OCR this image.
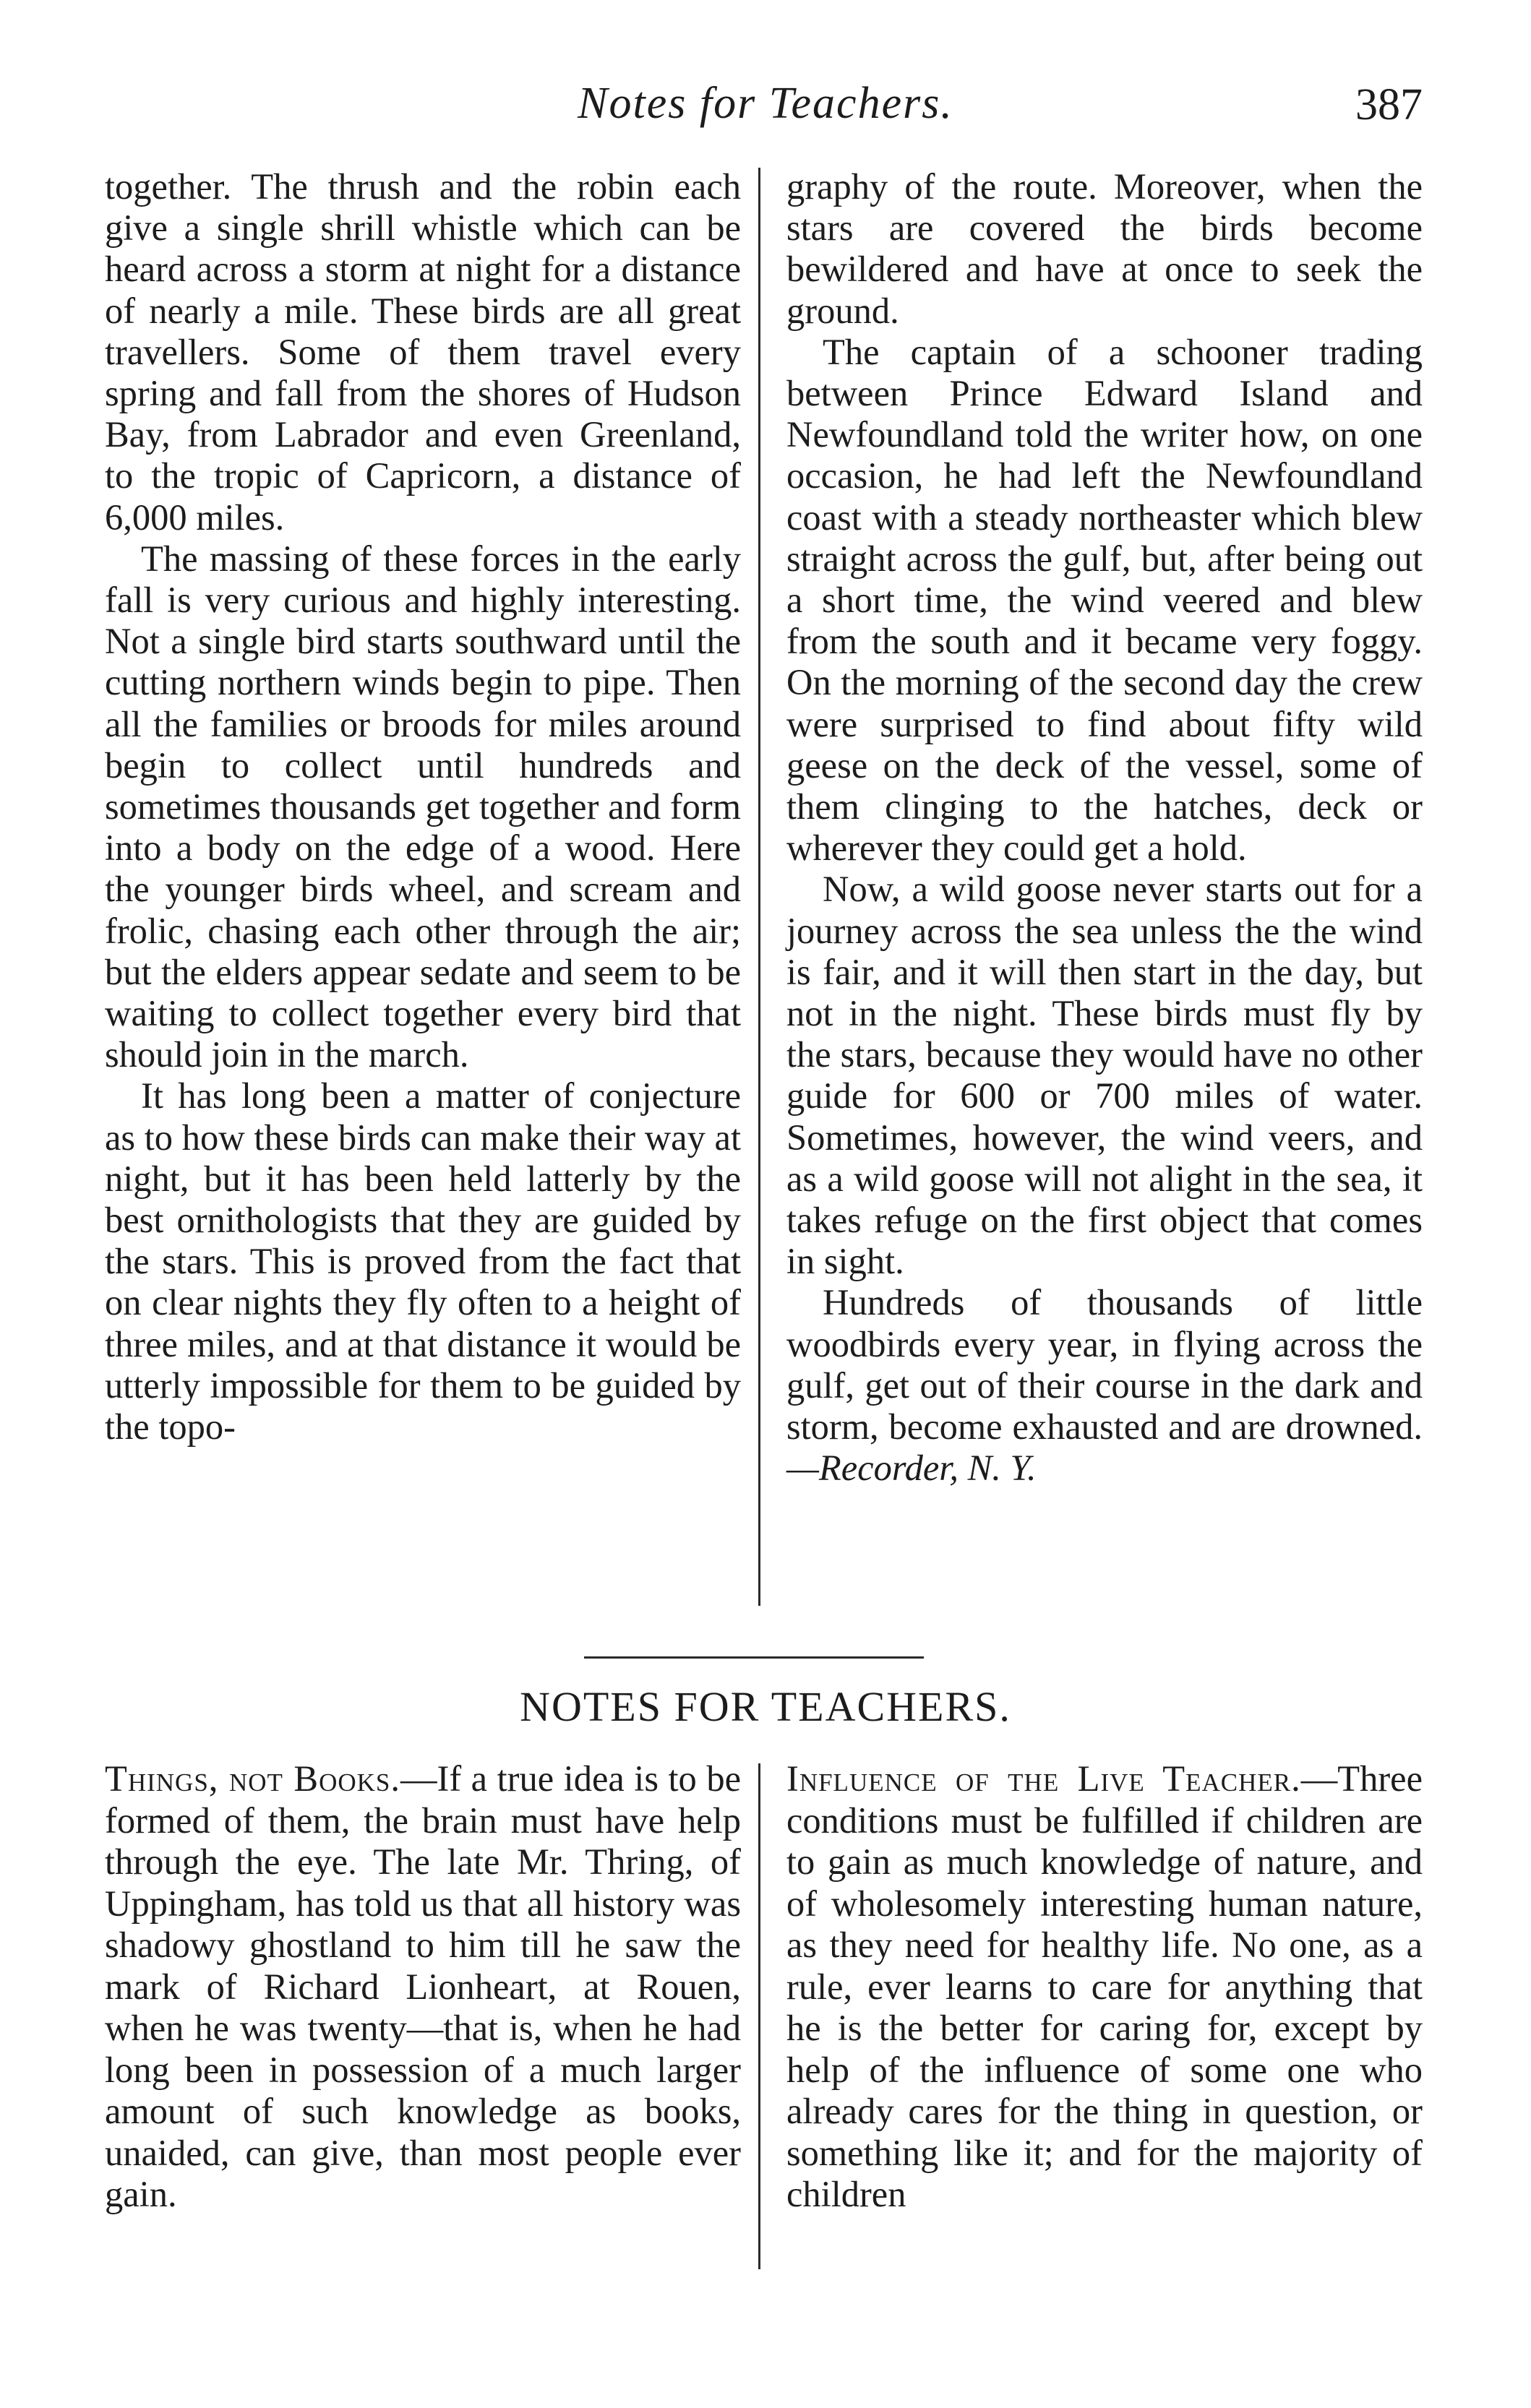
Notes for Teachers.	387

together. The thrush and the robin each give a single shrill whistle which can be heard across a storm at night for a distance of nearly a mile. These birds are all great travellers. Some of them travel every spring and fall from the shores of Hudson Bay, from Labrador and even Greenland, to the tropic of Capricorn, a distance of 6,000 miles.

The massing of these forces in the early fall is very curious and highly interesting. Not a single bird starts southward until the cutting northern winds begin to pipe. Then all the families or broods for miles around begin to collect until hundreds and sometimes thousands get together and form into a body on the edge of a wood. Here the younger birds wheel, and scream and frolic, chasing each other through the air; but the elders appear sedate and seem to be waiting to collect together every bird that should join in the march.

It has long been a matter of conjecture as to how these birds can make their way at night, but it has been held latterly by the best ornithologists that they are guided by the stars. This is proved from the fact that on clear nights they fly often to a height of three miles, and at that distance it would be utterly impossible for them to be guided by the topo-

graphy of the route. Moreover, when the stars are covered the birds become bewildered and have at once to seek the ground.

The captain of a schooner trading between Prince Edward Island and Newfoundland told the writer how, on one occasion, he had left the Newfoundland coast with a steady northeaster which blew straight across the gulf, but, after being out a short time, the wind veered and blew from the south and it became very foggy. On the morning of the second day the crew were surprised to find about fifty wild geese on the deck of the vessel, some of them clinging to the hatches, deck or wherever they could get a hold.

Now, a wild goose never starts out for a journey across the sea unless the the wind is fair, and it will then start in the day, but not in the night. These birds must fly by the stars, because they would have no other guide for 600 or 700 miles of water. Sometimes, however, the wind veers, and as a wild goose will not alight in the sea, it takes refuge on the first object that comes in sight.

Hundreds of thousands of little woodbirds every year, in flying across the gulf, get out of their course in the dark and storm, become exhausted and are drowned.—Recorder, N. Y.

NOTES FOR TEACHERS.

Things, not Books.—If a true idea is to be formed of them, the brain must have help through the eye. The late Mr. Thring, of Uppingham, has told us that all history was shadowy ghostland to him till he saw the mark of Richard Lionheart, at Rouen, when he was twenty—that is, when he had long been in possession of a much larger amount of such knowledge as books, unaided, can give, than most people ever gain.

Influence of the Live Teacher.—Three conditions must be fulfilled if children are to gain as much knowledge of nature, and of wholesomely interesting human nature, as they need for healthy life. No one, as a rule, ever learns to care for anything that he is the better for caring for, except by help of the influence of some one who already cares for the thing in question, or something like it; and for the majority of children
